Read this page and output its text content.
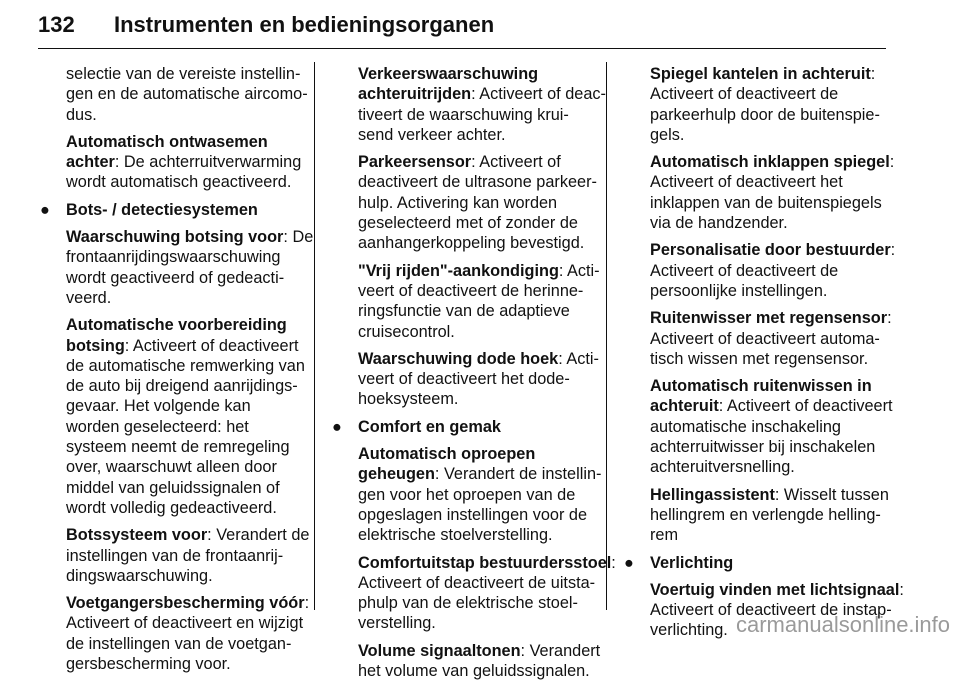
132 Instrumenten en bedieningsorganen
selectie van de vereiste instellin-
gen en de automatische aircomo-
dus.
Automatisch ontwasemen
achter: De achterruitverwarming
wordt automatisch geactiveerd.
● Bots- / detectiesystemen
Waarschuwing botsing voor: De
frontaanrijdingswaarschuwing
wordt geactiveerd of gedeacti-
veerd.
Automatische voorbereiding
botsing: Activeert of deactiveert
de automatische remwerking van
de auto bij dreigend aanrijdings-
gevaar. Het volgende kan
worden geselecteerd: het
systeem neemt de remregeling
over, waarschuwt alleen door
middel van geluidssignalen of
wordt volledig gedeactiveerd.
Botssysteem voor: Verandert de
instellingen van de frontaanrij-
dingswaarschuwing.
Voetgangersbescherming vóór:
Activeert of deactiveert en wijzigt
de instellingen van de voetgan-
gersbescherming voor.
Verkeerswaarschuwing
achteruitrijden: Activeert of deac-
tiveert de waarschuwing krui-
send verkeer achter.
Parkeersensor: Activeert of
deactiveert de ultrasone parkeer-
hulp. Activering kan worden
geselecteerd met of zonder de
aanhangerkoppeling bevestigd.
"Vrij rijden"-aankondiging: Acti-
veert of deactiveert de herinne-
ringsfunctie van de adaptieve
cruisecontrol.
Waarschuwing dode hoek: Acti-
veert of deactiveert het dode-
hoeksysteem.
● Comfort en gemak
Automatisch oproepen
geheugen: Verandert de instellin-
gen voor het oproepen van de
opgeslagen instellingen voor de
elektrische stoelverstelling.
Comfortuitstap bestuurdersstoel:
Activeert of deactiveert de uitsta-
phulp van de elektrische stoel-
verstelling.
Volume signaaltonen: Verandert
het volume van geluidssignalen.
Spiegel kantelen in achteruit:
Activeert of deactiveert de
parkeerhulp door de buitenspie-
gels.
Automatisch inklappen spiegel:
Activeert of deactiveert het
inklappen van de buitenspiegels
via de handzender.
Personalisatie door bestuurder:
Activeert of deactiveert de
persoonlijke instellingen.
Ruitenwisser met regensensor:
Activeert of deactiveert automa-
tisch wissen met regensensor.
Automatisch ruitenwissen in
achteruit: Activeert of deactiveert
automatische inschakeling
achterruitwisser bij inschakelen
achteruitversnelling.
Hellingassistent: Wisselt tussen
hellingrem en verlengde helling-
rem
● Verlichting
Voertuig vinden met lichtsignaal:
Activeert of deactiveert de instap-
verlichting. carmanualsonline.info
